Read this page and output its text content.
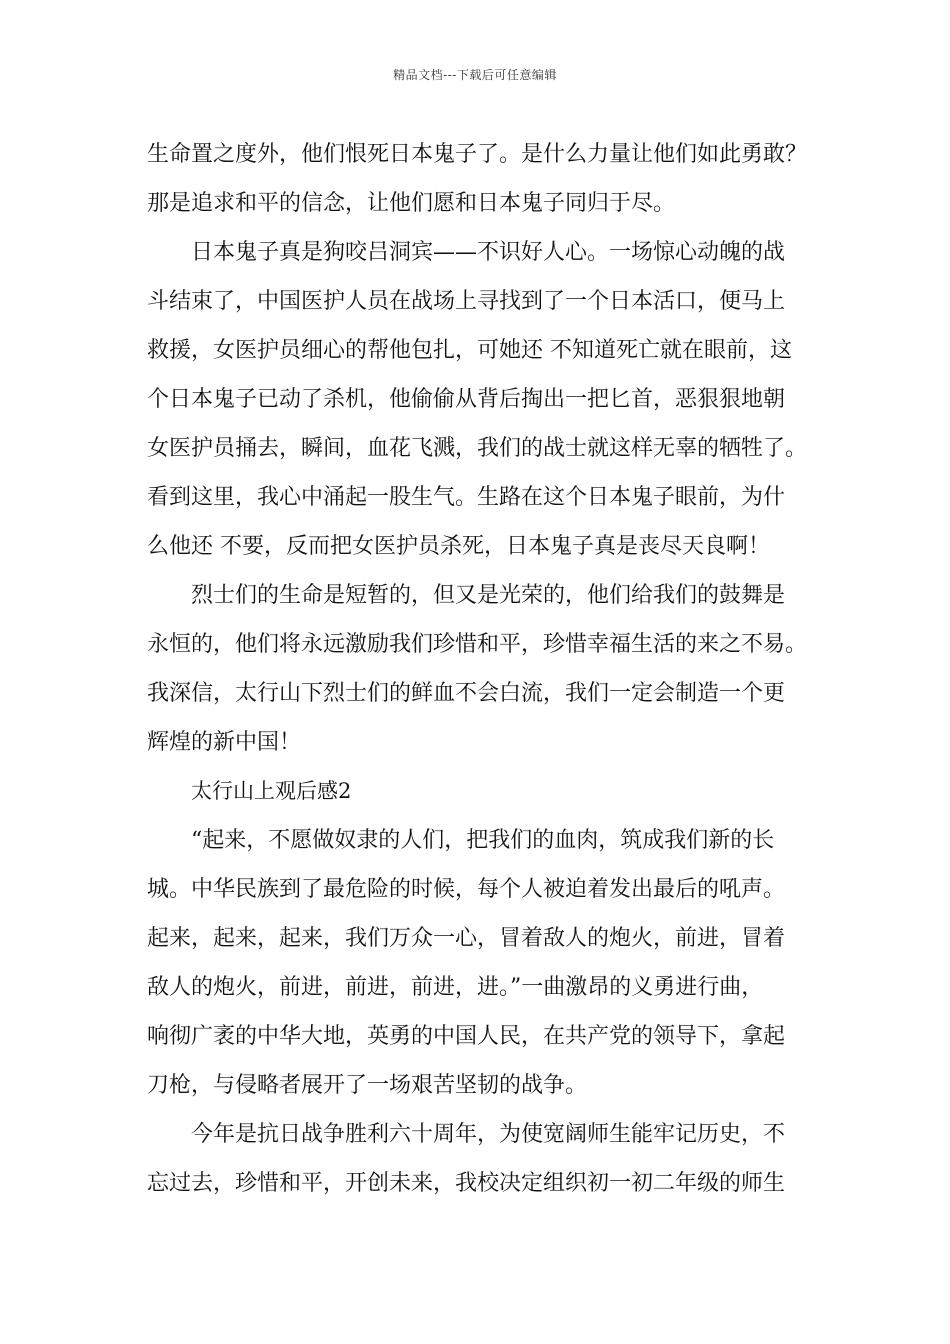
精品文档---下载后可任意编辑
生命置之度外，他们恨死日本鬼子了。是什么力量让他们如此勇敢？
那是追求和平的信念，让他们愿和日本鬼子同归于尽。
日本鬼子真是狗咬吕洞宾——不识好人心。一场惊心动魄的战
斗结束了，中国医护人员在战场上寻找到了一个日本活口，便马上
救援，女医护员细心的帮他包扎，可她还 不知道死亡就在眼前，这
个日本鬼子已动了杀机，他偷偷从背后掏出一把匕首，恶狠狠地朝
女医护员捅去，瞬间，血花飞溅，我们的战士就这样无辜的牺牲了。
看到这里，我心中涌起一股生气。生路在这个日本鬼子眼前，为什
么他还 不要，反而把女医护员杀死，日本鬼子真是丧尽天良啊！
烈士们的生命是短暂的，但又是光荣的，他们给我们的鼓舞是
永恒的，他们将永远激励我们珍惜和平，珍惜幸福生活的来之不易。
我深信，太行山下烈士们的鲜血不会白流，我们一定会制造一个更
辉煌的新中国！
太行山上观后感2
“起来，不愿做奴隶的人们，把我们的血肉，筑成我们新的长
城。中华民族到了最危险的时候，每个人被迫着发出最后的吼声。
起来，起来，起来，我们万众一心，冒着敌人的炮火，前进，冒着
敌人的炮火，前进，前进，前进，进。”一曲激昂的义勇进行曲，
响彻广袤的中华大地，英勇的中国人民，在共产党的领导下，拿起
刀枪，与侵略者展开了一场艰苦坚韧的战争。
今年是抗日战争胜利六十周年，为使宽阔师生能牢记历史，不
忘过去，珍惜和平，开创未来，我校决定组织初一初二年级的师生
